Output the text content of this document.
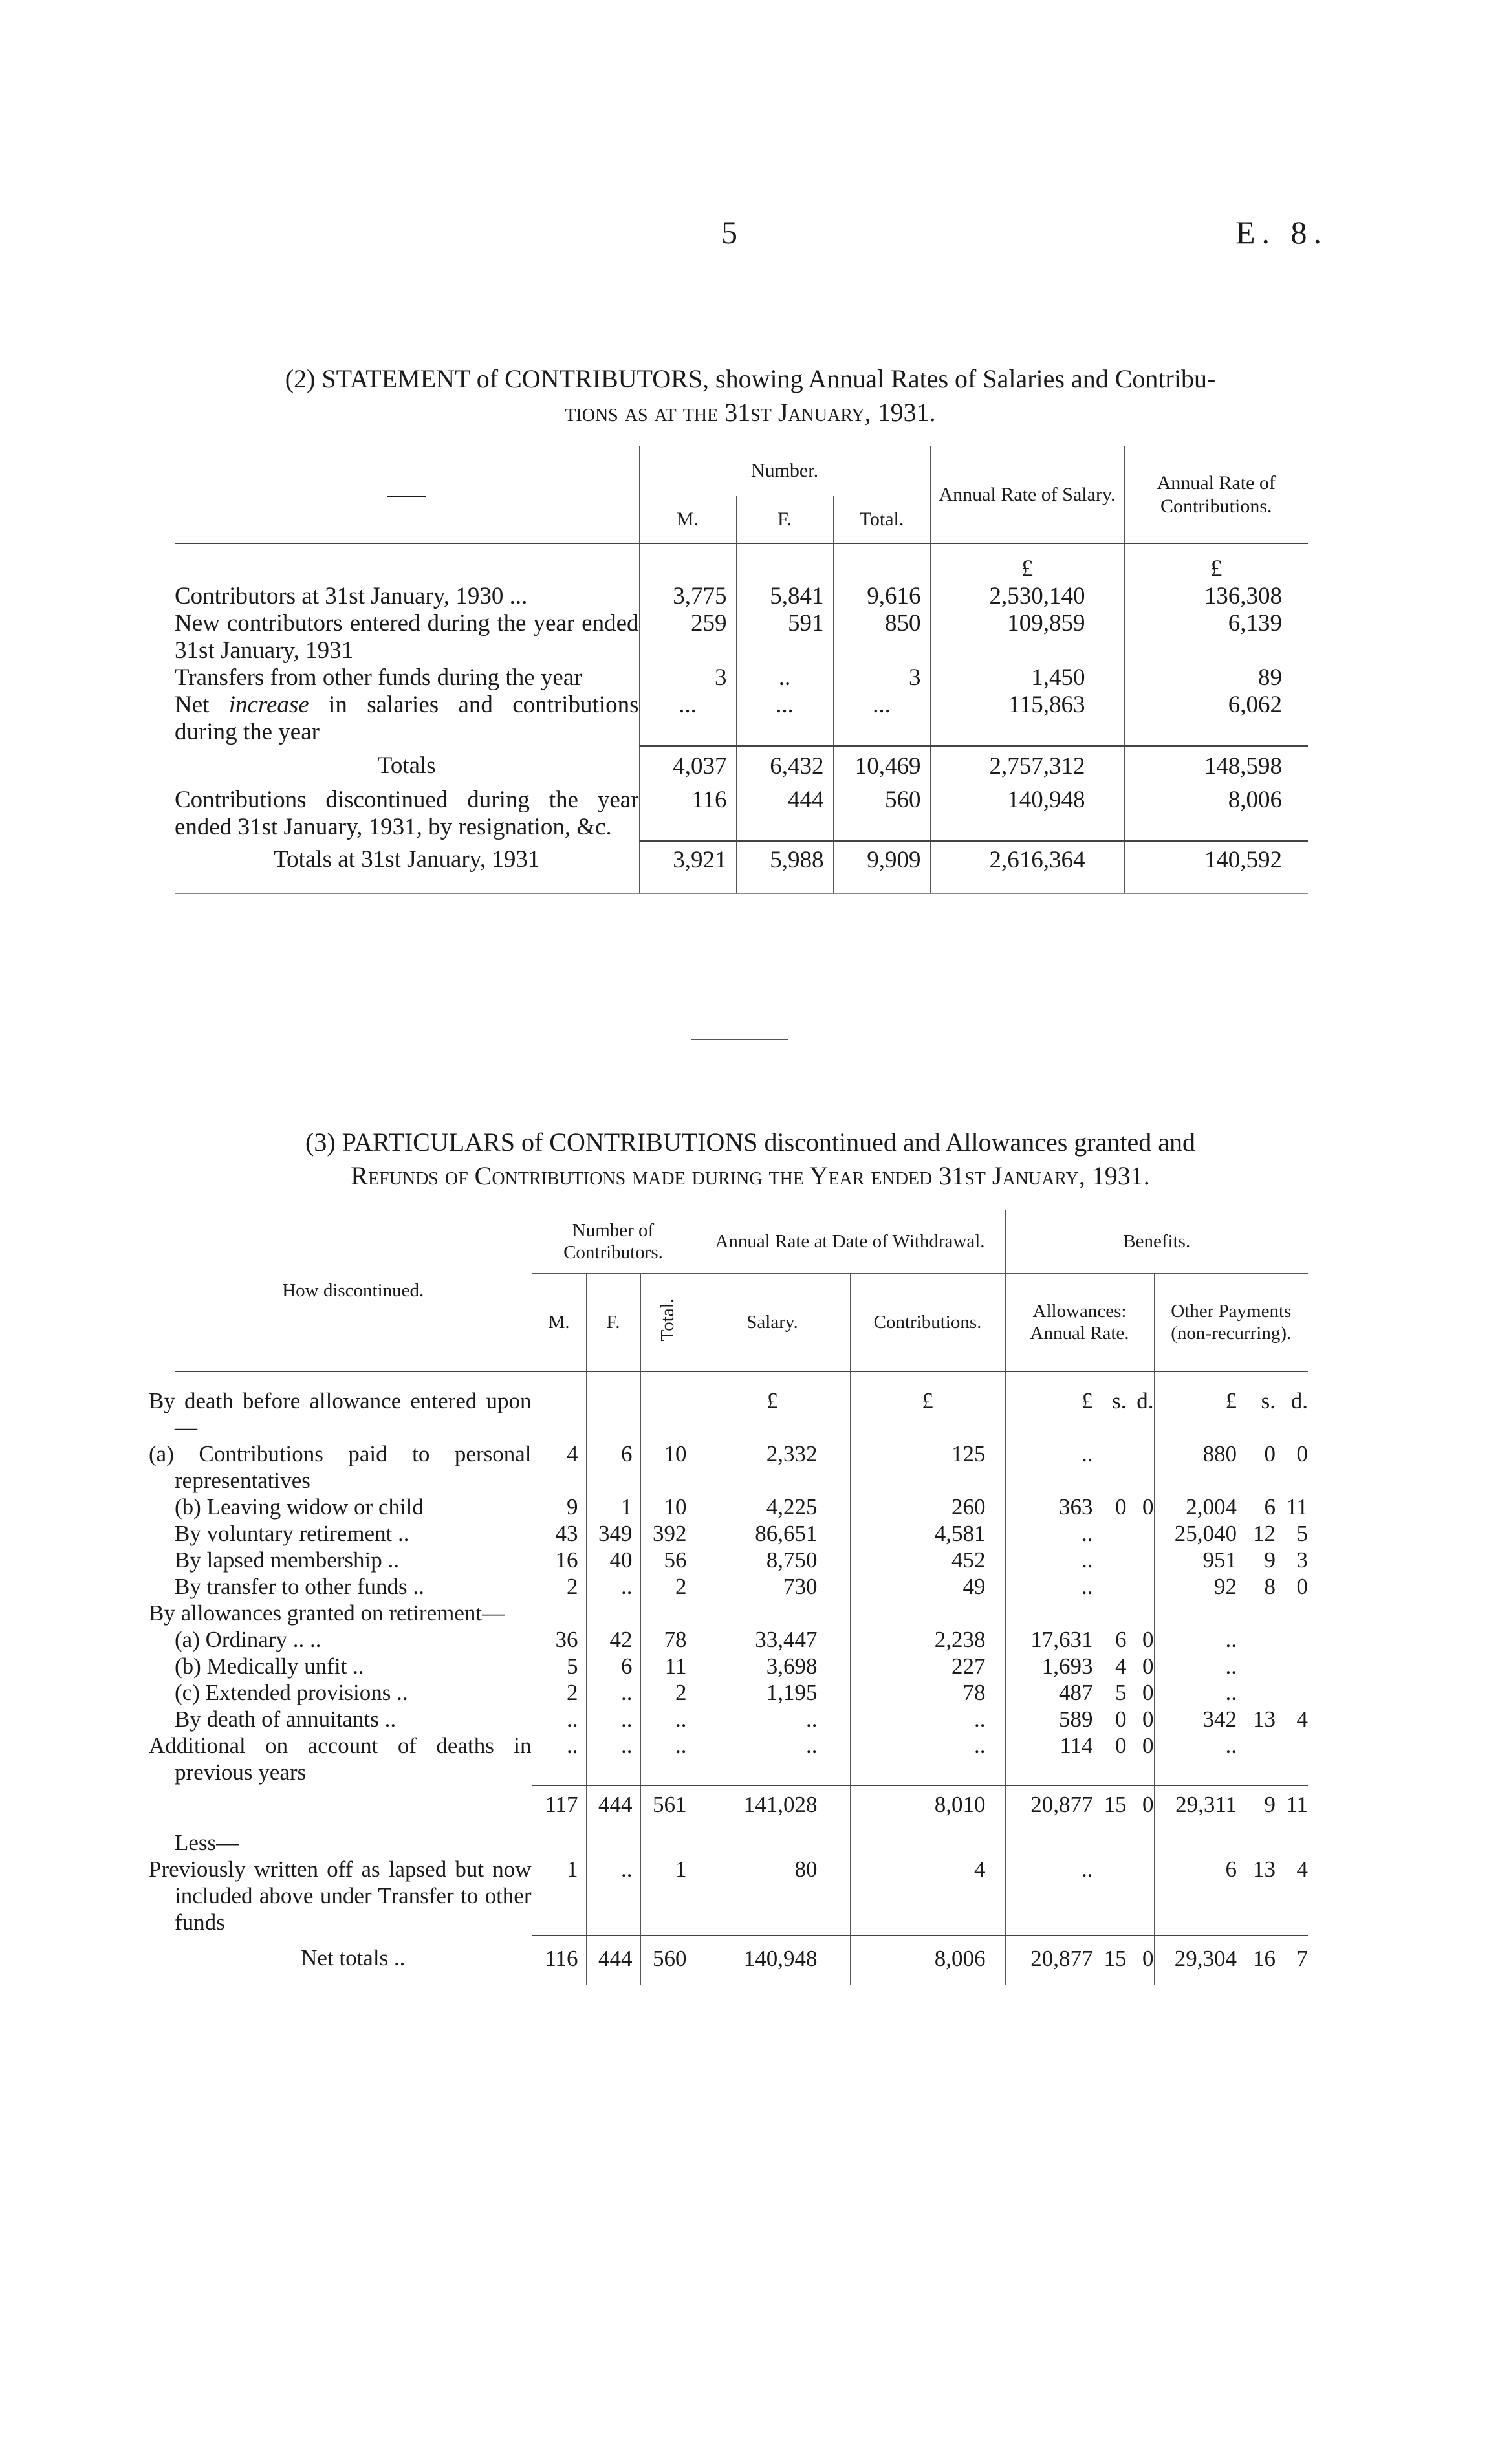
5	E. 8.
(2) STATEMENT of CONTRIBUTORS, showing Annual Rates of Salaries and Contribu-
tions as at the 31st January, 1931.
——	Number.			Annual Rate of Salary.	Annual Rate of Contributions.
	M.	F.	Total.		
				£	£
Contributors at 31st January, 1930 ...	3,775	5,841	9,616	2,530,140	136,308
New contributors entered during the year ended 31st January, 1931	259	591	850	109,859	6,139
Transfers from other funds during the year	3	..	3	1,450	89
Net increase in salaries and contributions during the year	...	...	...	115,863	6,062
Totals	4,037	6,432	10,469	2,757,312	148,598
Contributions discontinued during the year ended 31st January, 1931, by resignation, &c.	116	444	560	140,948	8,006
Totals at 31st January, 1931	3,921	5,988	9,909	2,616,364	140,592
(3) PARTICULARS of CONTRIBUTIONS discontinued and Allowances granted and
Refunds of Contributions made during the Year ended 31st January, 1931.
How discontinued.	Number of Contributors.			Annual Rate at Date of Withdrawal.		Benefits.	
	M.	F.	Total.	Salary.	Contributions.	Allowances: Annual Rate.	Other Payments (non-recurring).
By death before allowance entered upon—				£	£	£ s. d.	£ s. d.

(a) Contributions paid to personal representatives	4	6	10	2,332	125	..	880 0 0

(b) Leaving widow or child	9	1	10	4,225	260	363 0 0	2,004 6 11

By voluntary retirement ..	43	349	392	86,651	4,581	..	25,040 12 5

By lapsed membership ..	16	40	56	8,750	452	..	951 9 3

By transfer to other funds ..	2	..	2	730	49	..	92 8 0

By allowances granted on retirement—						

(a) Ordinary .. ..	36	42	78	33,447	2,238	17,631 6 0	..

(b) Medically unfit ..	5	6	11	3,698	227	1,693 4 0	..

(c) Extended provisions ..	2	..	2	1,195	78	487 5 0	..

By death of annuitants ..	..	..	..	..	..	589 0 0	342 13 4

Additional on account of deaths in previous years	..	..	..	..	..	114 0 0	..

	117	444	561	141,028	8,010	20,877 15 0	29,311 9 11

Less—							
Previously written off as lapsed but now included above under Transfer to other funds	1	..	1	80	4	..	6 13 4

Net totals ..	116	444	560	140,948	8,006	20,877 15 0	29,304 16 7
